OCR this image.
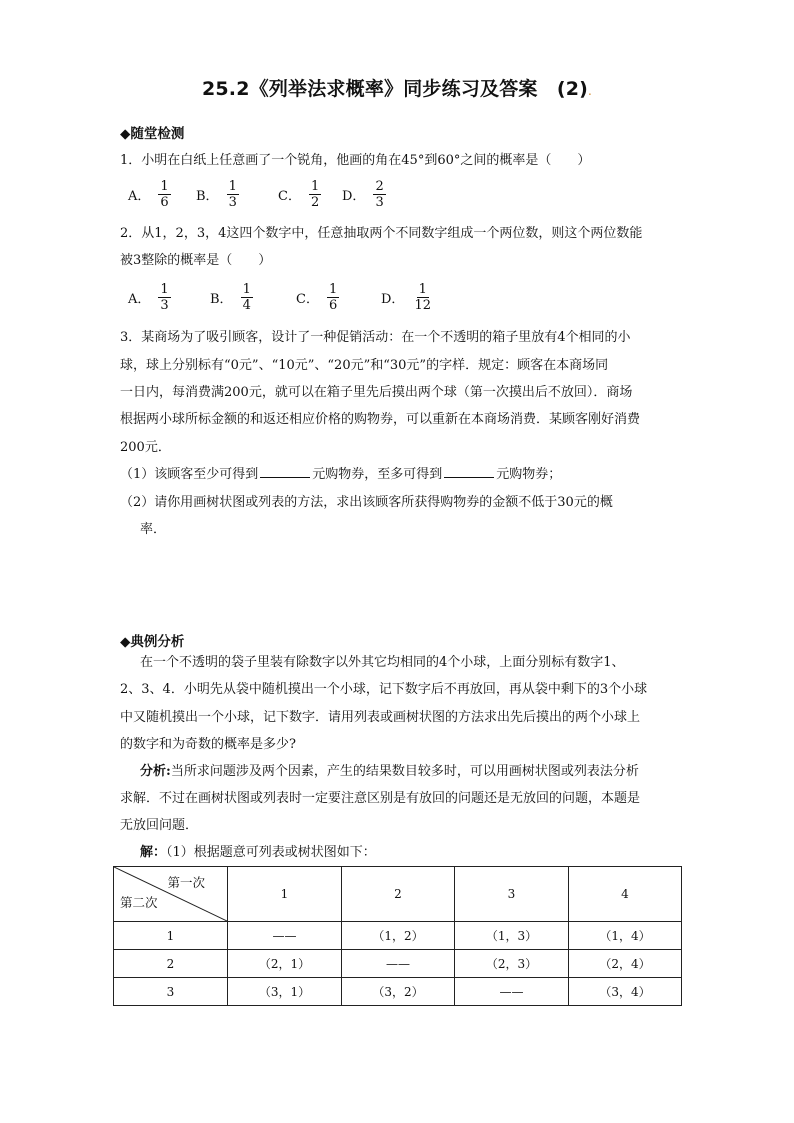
25.2《列举法求概率》同步练习及答案　(2).
◆随堂检测
1．小明在白纸上任意画了一个锐角，他画的角在45°到60°之间的概率是（　　）
A． $\frac{1}{6}$ B． $\frac{1}{3}$	C． $\frac{1}{2}$ D． $\frac{2}{3}$
2．从1，2，3，4这四个数字中，任意抽取两个不同数字组成一个两位数，则这个两位数能
被3整除的概率是（　　）
A． $\frac{1}{3}$	B． $\frac{1}{4}$	C． $\frac{1}{6}$	D． $\frac{1}{12}$
3．某商场为了吸引顾客，设计了一种促销活动：在一个不透明的箱子里放有4个相同的小
球，球上分别标有“0元”、“10元”、“20元”和“30元”的字样．规定：顾客在本商场同
一日内，每消费满200元，就可以在箱子里先后摸出两个球（第一次摸出后不放回）．商场
根据两小球所标金额的和返还相应价格的购物券，可以重新在本商场消费．某顾客刚好消费
200元．
（1）该顾客至少可得到	元购物券，至多可得到	元购物券；
（2）请你用画树状图或列表的方法，求出该顾客所获得购物券的金额不低于30元的概
率．
◆典例分析
在一个不透明的袋子里装有除数字以外其它均相同的4个小球，上面分别标有数字1、
2、3、4．小明先从袋中随机摸出一个小球，记下数字后不再放回，再从袋中剩下的3个小球
中又随机摸出一个小球，记下数字．请用列表或画树状图的方法求出先后摸出的两个小球上
的数字和为奇数的概率是多少?
分析:当所求问题涉及两个因素，产生的结果数目较多时，可以用画树状图或列表法分析
求解．不过在画树状图或列表时一定要注意区别是有放回的问题还是无放回的问题，本题是
无放回问题．
解：（1）根据题意可列表或树状图如下：
第一次
第二次	1	2	3	4
1	——	（1，2）	（1，3）	（1，4）
2	（2，1）	——	（2，3）	（2，4）
3	（3，1）	（3，2）	——	（3，4）
